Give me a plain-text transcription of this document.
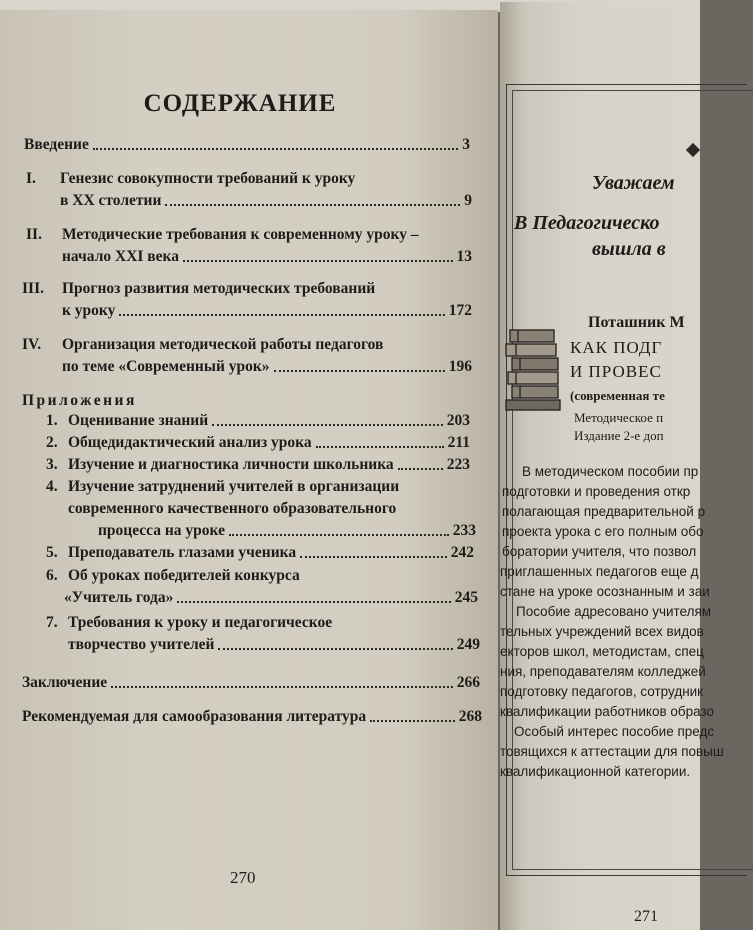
СОДЕРЖАНИЕ
Введение	3
I. Генезис совокупности требований к уроку
в XX столетии	9
II. Методические требования к современному уроку –
начало XXI века	13
III. Прогноз развития методических требований
к уроку	172
IV. Организация методической работы педагогов
по теме «Современный урок»	196
Приложения
1. Оценивание знаний	203
2. Общедидактический анализ урока	211
3. Изучение и диагностика личности школьника	223
4. Изучение затруднений учителей в организации
современного качественного образовательного
процесса на уроке	233
5. Преподаватель глазами ученика	242
6. Об уроках победителей конкурса
«Учитель года»	245
7. Требования к уроку и педагогическое
творчество учителей	249
Заключение	266
Рекомендуемая для самообразования литература	268
270
Уважаем
В Педагогическо
вышла в
Поташник М
КАК ПОДГ
И ПРОВЕС
(современная те
Методическое п
Издание 2-е доп
В методическом пособии пр
подготовки и проведения откр
полагающая предварительной р
проекта урока с его полным обо
боратории учителя, что позвол
приглашенных педагогов еще д
стане на уроке осознанным и заи
Пособие адресовано учителям
тельных учреждений всех видов
екторов школ, методистам, спец
ния, преподавателям колледжей
подготовку педагогов, сотрудник
квалификации работников образо
Особый интерес пособие предс
товящихся к аттестации для повыш
квалификационной категории.
271
